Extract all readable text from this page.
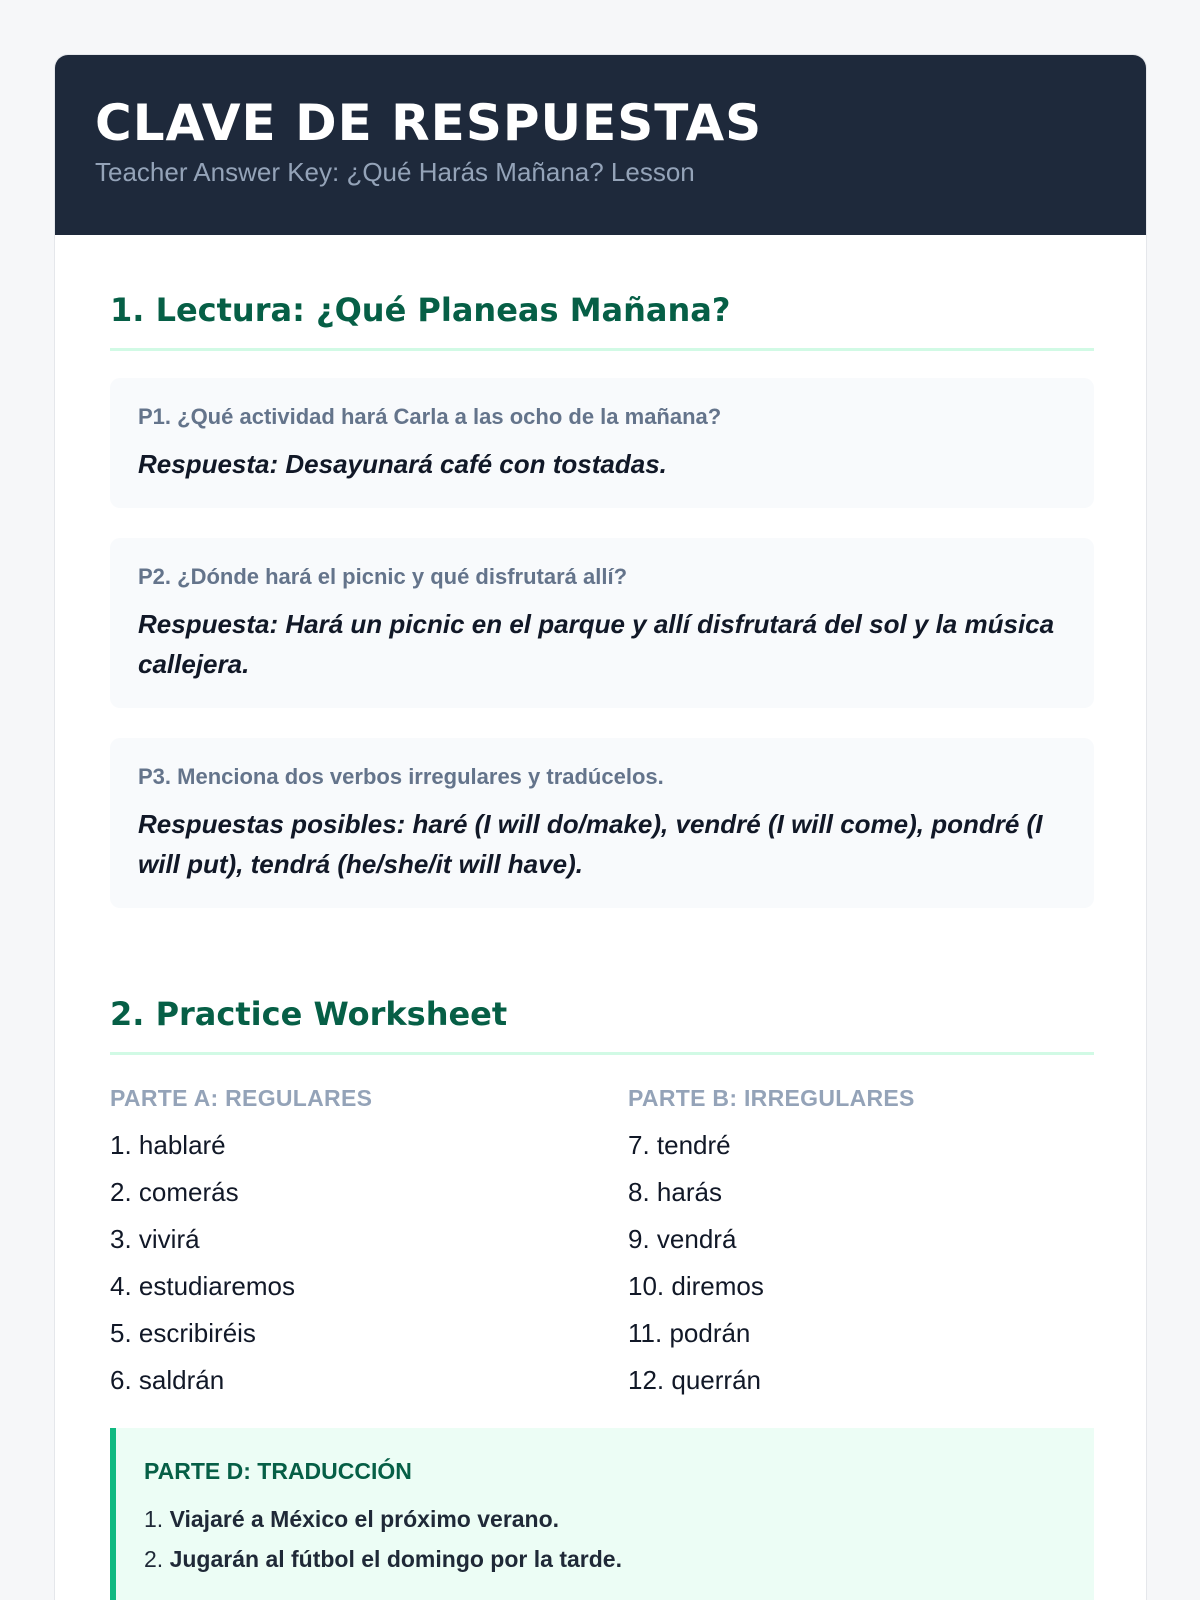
CLAVE DE RESPUESTAS
Teacher Answer Key: ¿Qué Harás Mañana? Lesson
1. Lectura: ¿Qué Planeas Mañana?
P1. ¿Qué actividad hará Carla a las ocho de la mañana?
Respuesta: Desayunará café con tostadas.
P2. ¿Dónde hará el picnic y qué disfrutará allí?
Respuesta: Hará un picnic en el parque y allí disfrutará del sol y la música callejera.
P3. Menciona dos verbos irregulares y tradúcelos.
Respuestas posibles: haré (I will do/make), vendré (I will come), pondré (I will put), tendrá (he/she/it will have).
2. Practice Worksheet
PARTE A: REGULARES
1. hablaré
2. comerás
3. vivirá
4. estudiaremos
5. escribiréis
6. saldrán
PARTE B: IRREGULARES
7. tendré
8. harás
9. vendrá
10. diremos
11. podrán
12. querrán
PARTE D: TRADUCCIÓN
1. Viajaré a México el próximo verano.
2. Jugarán al fútbol el domingo por la tarde.
